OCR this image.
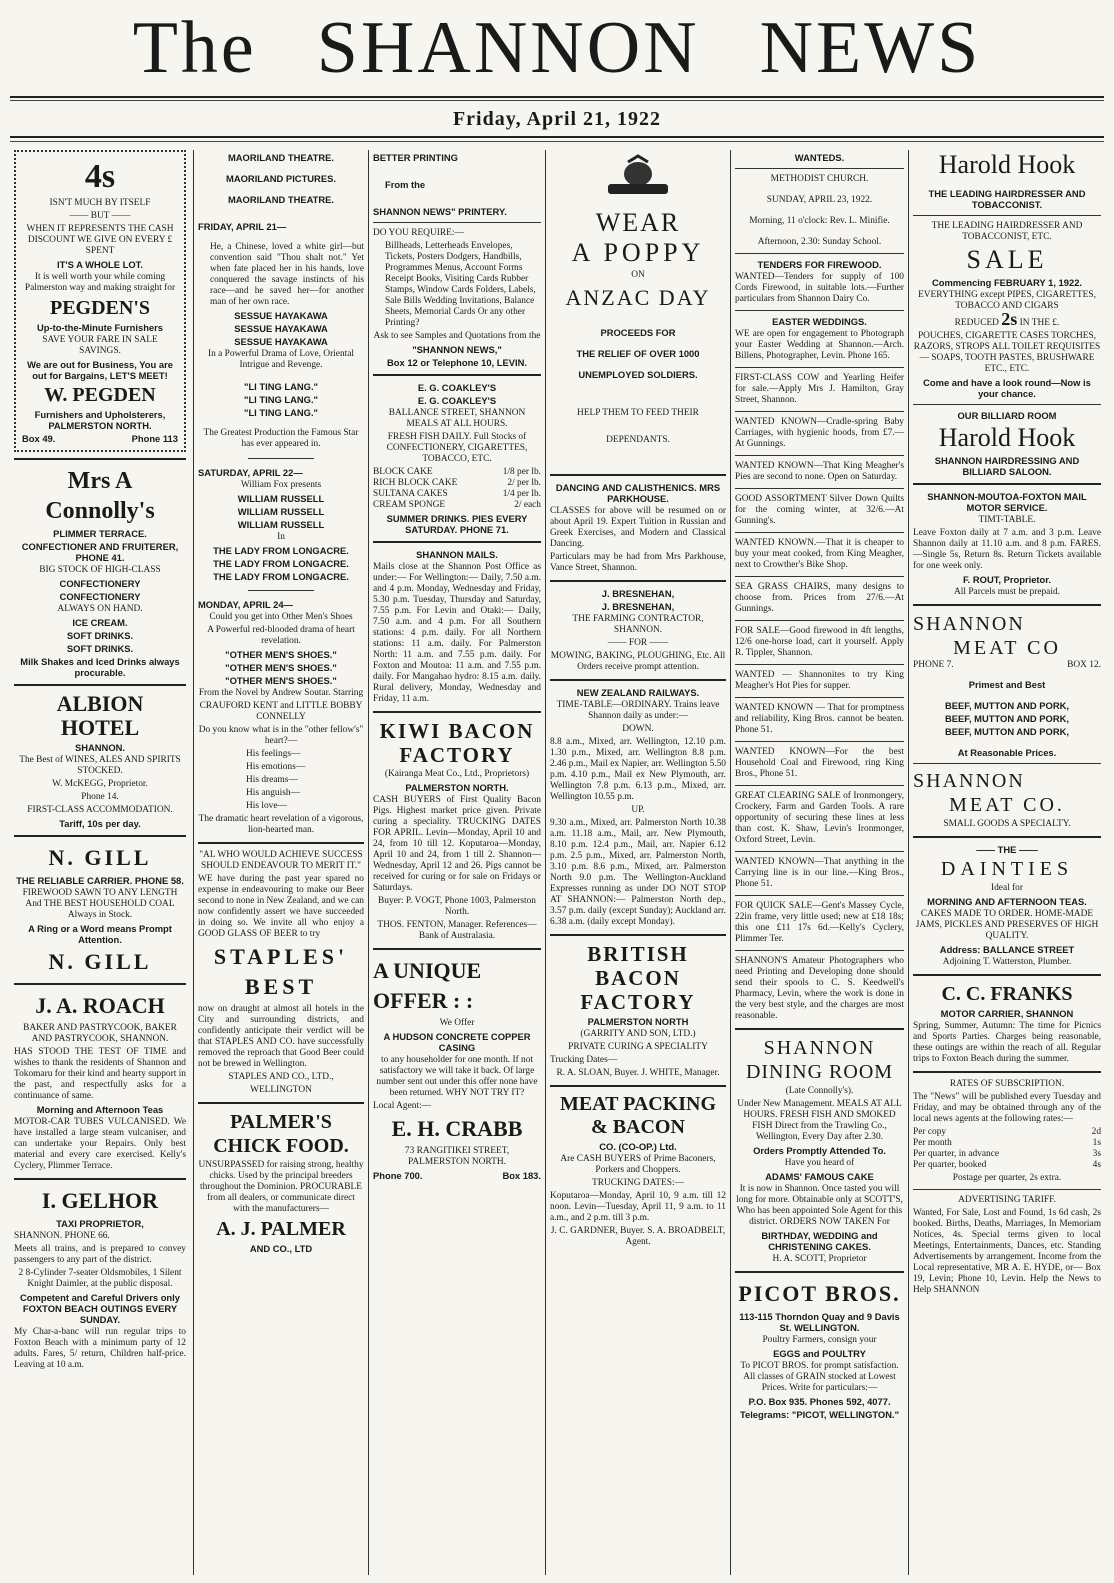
The SHANNON NEWS
Friday, April 21, 1922
4s

ISN'T MUCH BY ITSELF

—— BUT ——

WHEN IT REPRESENTS THE CASH DISCOUNT WE GIVE ON EVERY £ SPENT

IT'S A WHOLE LOT.

It is well worth your while coming Palmerston way and making straight for

PEGDEN'S

Up-to-the-Minute Furnishers

SAVE YOUR FARE IN SALE SAVINGS.

We are out for Business, You are out for Bargains, LET'S MEET!

W. PEGDEN

Furnishers and Upholsterers, PALMERSTON NORTH.

Box 49.	Phone 113
Mrs A Connolly's

PLIMMER TERRACE.

CONFECTIONER AND FRUITERER, PHONE 41.

BIG STOCK OF HIGH-CLASS

CONFECTIONERY

CONFECTIONERY

ALWAYS ON HAND.

ICE CREAM.

SOFT DRINKS.

SOFT DRINKS.

Milk Shakes and Iced Drinks always procurable.

ALBION
HOTEL

SHANNON.

The Best of WINES, ALES AND SPIRITS STOCKED.

W. McKEGG, Proprietor.

Phone 14.

FIRST-CLASS ACCOMMODATION.

Tariff, 10s per day.

N. GILL

THE RELIABLE CARRIER. PHONE 58.

FIREWOOD SAWN TO ANY LENGTH And THE BEST HOUSEHOLD COAL Always in Stock.

A Ring or a Word means Prompt Attention.

N. GILL
J. A. ROACH

BAKER AND PASTRYCOOK, BAKER AND PASTRYCOOK, SHANNON.

HAS STOOD THE TEST OF TIME and wishes to thank the residents of Shannon and Tokomaru for their kind and hearty support in the past, and respectfully asks for a continuance of same.

Morning and Afternoon Teas

MOTOR-CAR TUBES VULCANISED. We have installed a large steam vulcaniser, and can undertake your Repairs. Only best material and every care exercised. Kelly's Cyclery, Plimmer Terrace.

I. GELHOR

TAXI PROPRIETOR,

SHANNON. PHONE 66.

Meets all trains, and is prepared to convey passengers to any part of the district.

2 8-Cylinder 7-seater Oldsmobiles, 1 Silent Knight Daimler, at the public disposal.

Competent and Careful Drivers only FOXTON BEACH OUTINGS EVERY SUNDAY.

My Char-a-banc will run regular trips to Foxton Beach with a minimum party of 12 adults. Fares, 5/ return, Children half-price. Leaving at 10 a.m.

MAORILAND THEATRE.

MAORILAND PICTURES.

MAORILAND THEATRE.

FRIDAY, APRIL 21—

He, a Chinese, loved a white girl—but convention said "Thou shalt not." Yet when fate placed her in his hands, love conquered the savage instincts of his race—and he saved her—for another man of her own race.

SESSUE HAYAKAWA

SESSUE HAYAKAWA

SESSUE HAYAKAWA

In a Powerful Drama of Love, Oriental Intrigue and Revenge.

"LI TING LANG."

"LI TING LANG."

"LI TING LANG."

The Greatest Production the Famous Star has ever appeared in.

SATURDAY, APRIL 22—

William Fox presents

WILLIAM RUSSELL

WILLIAM RUSSELL

WILLIAM RUSSELL

In

THE LADY FROM LONGACRE.

THE LADY FROM LONGACRE.

THE LADY FROM LONGACRE.

MONDAY, APRIL 24—

Could you get into Other Men's Shoes

A Powerful red-blooded drama of heart revelation.

"OTHER MEN'S SHOES."

"OTHER MEN'S SHOES."

"OTHER MEN'S SHOES."

From the Novel by Andrew Soutar. Starring

CRAUFORD KENT and LITTLE BOBBY CONNELLY

Do you know what is in the "other fellow's" heart?—

His feelings—

His emotions—

His dreams—

His anguish—

His love—

The dramatic heart revelation of a vigorous, lion-hearted man.

"AL WHO WOULD ACHIEVE SUCCESS SHOULD ENDEAVOUR TO MERIT IT."

WE have during the past year spared no expense in endeavouring to make our Beer second to none in New Zealand, and we can now confidently assert we have succeeded in doing so. We invite all who enjoy a GOOD GLASS OF BEER to try

STAPLES'
BEST

now on draught at almost all hotels in the City and surrounding districts, and confidently anticipate their verdict will be that STAPLES AND CO. have successfully removed the reproach that Good Beer could not be brewed in Wellington.

STAPLES AND CO., LTD.,

WELLINGTON

PALMER'S
CHICK FOOD.

UNSURPASSED for raising strong, healthy chicks. Used by the principal breeders throughout the Dominion. PROCURABLE from all dealers, or communicate direct with the manufacturers—

A. J. PALMER

AND CO., LTD

BETTER PRINTING

From the

SHANNON NEWS" PRINTERY.

DO YOU REQUIRE:—

Billheads, Letterheads Envelopes, Tickets, Posters Dodgers, Handbills, Programmes Menus, Account Forms Receipt Books, Visiting Cards Rubber Stamps, Window Cards Folders, Labels, Sale Bills Wedding Invitations, Balance Sheets, Memorial Cards Or any other Printing?

Ask to see Samples and Quotations from the

"SHANNON NEWS,"

Box 12 or Telephone 10, LEVIN.

E. G. COAKLEY'S

E. G. COAKLEY'S

BALLANCE STREET, SHANNON MEALS AT ALL HOURS.

FRESH FISH DAILY. Full Stocks of CONFECTIONERY, CIGARETTES, TOBACCO, ETC.

BLOCK CAKE	1/8 per lb.
RICH BLOCK CAKE	2/ per lb.
SULTANA CAKES	1/4 per lb.
CREAM SPONGE	2/ each

SUMMER DRINKS. PIES EVERY SATURDAY. PHONE 71.

SHANNON MAILS.

Mails close at the Shannon Post Office as under:— For Wellington:— Daily, 7.50 a.m. and 4 p.m. Monday, Wednesday and Friday, 5.30 p.m. Tuesday, Thursday and Saturday, 7.55 p.m. For Levin and Otaki:— Daily, 7.50 a.m. and 4 p.m. For all Southern stations: 4 p.m. daily. For all Northern stations: 11 a.m. daily. For Palmerston North: 11 a.m. and 7.55 p.m. daily. For Foxton and Moutoa: 11 a.m. and 7.55 p.m. daily. For Mangahao hydro: 8.15 a.m. daily. Rural delivery, Monday, Wednesday and Friday, 11 a.m.

KIWI BACON
FACTORY

(Kairanga Meat Co., Ltd., Proprietors)

PALMERSTON NORTH.

CASH BUYERS of First Quality Bacon Pigs. Highest market price given. Private curing a speciality. TRUCKING DATES FOR APRIL. Levin—Monday, April 10 and 24, from 10 till 12. Koputaroa—Monday, April 10 and 24, from 1 till 2. Shannon—Wednesday, April 12 and 26. Pigs cannot be received for curing or for sale on Fridays or Saturdays.

Buyer: P. VOGT, Phone 1003, Palmerston North.

THOS. FENTON, Manager. References—Bank of Australasia.

A UNIQUE
OFFER : :

We Offer

A HUDSON CONCRETE COPPER CASING

to any householder for one month. If not satisfactory we will take it back. Of large number sent out under this offer none have been returned. WHY NOT TRY IT?

Local Agent:—

E. H. CRABB

73 RANGITIKEI STREET, PALMERSTON NORTH.

Phone 700.	Box 183.
WEAR
A POPPY

ON

ANZAC DAY

PROCEEDS FOR

THE RELIEF OF OVER 1000

UNEMPLOYED SOLDIERS.

HELP THEM TO FEED THEIR

DEPENDANTS.

DANCING AND CALISTHENICS. MRS PARKHOUSE.

CLASSES for above will be resumed on or about April 19. Expert Tuition in Russian and Greek Exercises, and Modern and Classical Dancing.

Particulars may be had from Mrs Parkhouse, Vance Street, Shannon.

J. BRESNEHAN,

J. BRESNEHAN,

THE FARMING CONTRACTOR, SHANNON.

—— FOR ——

MOWING, BAKING, PLOUGHING, Etc. All Orders receive prompt attention.

NEW ZEALAND RAILWAYS.

TIME-TABLE—ORDINARY. Trains leave Shannon daily as under:—

DOWN.

8.8 a.m., Mixed, arr. Wellington, 12.10 p.m. 1.30 p.m., Mixed, arr. Wellington 8.8 p.m. 2.46 p.m., Mail ex Napier, arr. Wellington 5.50 p.m. 4.10 p.m., Mail ex New Plymouth, arr. Wellington 7.8 p.m. 6.13 p.m., Mixed, arr. Wellington 10.55 p.m.

UP.

9.30 a.m., Mixed, arr. Palmerston North 10.38 a.m. 11.18 a.m., Mail, arr. New Plymouth, 8.10 p.m. 12.4 p.m., Mail, arr. Napier 6.12 p.m. 2.5 p.m., Mixed, arr. Palmerston North, 3.10 p.m. 8.6 p.m., Mixed, arr. Palmerston North 9.0 p.m. The Wellington-Auckland Expresses running as under DO NOT STOP AT SHANNON:— Palmerston North dep., 3.57 p.m. daily (except Sunday); Auckland arr. 6.38 a.m. (daily except Monday).

BRITISH
BACON
FACTORY

PALMERSTON NORTH

(GARRITY AND SON, LTD.)

PRIVATE CURING A SPECIALITY

Trucking Dates—

R. A. SLOAN, Buyer. J. WHITE, Manager.

MEAT PACKING & BACON

CO. (CO-OP.) Ltd.

Are CASH BUYERS of Prime Baconers, Porkers and Choppers.

TRUCKING DATES:—

Koputaroa—Monday, April 10, 9 a.m. till 12 noon. Levin—Tuesday, April 11, 9 a.m. to 11 a.m., and 2 p.m. till 3 p.m.

J. C. GARDNER, Buyer. S. A. BROADBELT, Agent.

WANTEDS.

METHODIST CHURCH.

SUNDAY, APRIL 23, 1922.

Morning, 11 o'clock: Rev. L. Minifie.

Afternoon, 2.30: Sunday School.

TENDERS FOR FIREWOOD.

WANTED—Tenders for supply of 100 Cords Firewood, in suitable lots.—Further particulars from Shannon Dairy Co.

EASTER WEDDINGS.

WE are open for engagement to Photograph your Easter Wedding at Shannon.—Arch. Billens, Photographer, Levin. Phone 165.

FIRST-CLASS COW and Yearling Heifer for sale.—Apply Mrs J. Hamilton, Gray Street, Shannon.

WANTED KNOWN—Cradle-spring Baby Carriages, with hygienic hoods, from £7.—At Gunnings.

WANTED KNOWN—That King Meagher's Pies are second to none. Open on Saturday.

GOOD ASSORTMENT Silver Down Quilts for the coming winter, at 32/6.—At Gunning's.

WANTED KNOWN.—That it is cheaper to buy your meat cooked, from King Meagher, next to Crowther's Bike Shop.

SEA GRASS CHAIRS, many designs to choose from. Prices from 27/6.—At Gunnings.

FOR SALE—Good firewood in 4ft lengths, 12/6 one-horse load, cart it yourself. Apply R. Tippler, Shannon.

WANTED — Shannonites to try King Meagher's Hot Pies for supper.

WANTED KNOWN — That for promptness and reliability, King Bros. cannot be beaten. Phone 51.

WANTED KNOWN—For the best Household Coal and Firewood, ring King Bros., Phone 51.

GREAT CLEARING SALE of Ironmongery, Crockery, Farm and Garden Tools. A rare opportunity of securing these lines at less than cost. K. Shaw, Levin's Ironmonger, Oxford Street, Levin.

WANTED KNOWN—That anything in the Carrying line is in our line.—King Bros., Phone 51.

FOR QUICK SALE—Gent's Massey Cycle, 22in frame, very little used; new at £18 18s; this one £11 17s 6d.—Kelly's Cyclery, Plimmer Ter.

SHANNON'S Amateur Photographers who need Printing and Developing done should send their spools to C. S. Keedwell's Pharmacy, Levin, where the work is done in the very best style, and the charges are most reasonable.

SHANNON
DINING ROOM

(Late Connolly's).

Under New Management. MEALS AT ALL HOURS. FRESH FISH AND SMOKED FISH Direct from the Trawling Co., Wellington, Every Day after 2.30.

Orders Promptly Attended To.

Have you heard of

ADAMS' FAMOUS CAKE

It is now in Shannon. Once tasted you will long for more. Obtainable only at SCOTT'S, Who has been appointed Sole Agent for this district. ORDERS NOW TAKEN For

BIRTHDAY, WEDDING and CHRISTENING CAKES.

H. A. SCOTT, Proprietor

PICOT BROS.

113-115 Thorndon Quay and 9 Davis St. WELLINGTON.

Poultry Farmers, consign your

EGGS and POULTRY

To PICOT BROS. for prompt satisfaction. All classes of GRAIN stocked at Lowest Prices. Write for particulars:—

P.O. Box 935. Phones 592, 4077.

Telegrams: "PICOT, WELLINGTON."

Harold Hook

THE LEADING HAIRDRESSER AND TOBACCONIST.

THE LEADING HAIRDRESSER AND TOBACCONIST, ETC.

SALE

Commencing FEBRUARY 1, 1922.

EVERYTHING except PIPES, CIGARETTES, TOBACCO AND CIGARS

REDUCED 2s IN THE £.

POUCHES, CIGARETTE CASES TORCHES, RAZORS, STROPS ALL TOILET REQUISITES— SOAPS, TOOTH PASTES, BRUSHWARE ETC., ETC.

Come and have a look round—Now is your chance.

OUR BILLIARD ROOM

Harold Hook

SHANNON HAIRDRESSING AND BILLIARD SALOON.

SHANNON-MOUTOA-FOXTON MAIL MOTOR SERVICE.

TIMT-TABLE.

Leave Foxton daily at 7 a.m. and 3 p.m. Leave Shannon daily at 11.10 a.m. and 8 p.m. FARES.—Single 5s, Return 8s. Return Tickets available for one week only.

F. ROUT, Proprietor.

All Parcels must be prepaid.

SHANNON
MEAT CO
PHONE 7.	BOX 12.

Primest and Best

BEEF, MUTTON AND PORK,

BEEF, MUTTON AND PORK,

BEEF, MUTTON AND PORK,

At Reasonable Prices.

SHANNON
MEAT CO.

SMALL GOODS A SPECIALTY.

—— THE ——

DAINTIES

Ideal for

MORNING AND AFTERNOON TEAS.

CAKES MADE TO ORDER. HOME-MADE JAMS, PICKLES AND PRESERVES OF HIGH QUALITY.

Address: BALLANCE STREET

Adjoining T. Watterston, Plumber.

C. C. FRANKS

MOTOR CARRIER, SHANNON

Spring, Summer, Autumn: The time for Picnics and Sports Parties. Charges being reasonable, these outings are within the reach of all. Regular trips to Foxton Beach during the summer.

RATES OF SUBSCRIPTION.

The "News" will be published every Tuesday and Friday, and may be obtained through any of the local news agents at the following rates:—

Per copy	2d
Per month	1s
Per quarter, in advance	3s
Per quarter, booked	4s

Postage per quarter, 2s extra.

ADVERTISING TARIFF.

Wanted, For Sale, Lost and Found, 1s 6d cash, 2s booked. Births, Deaths, Marriages, In Memoriam Notices, 4s. Special terms given to local Meetings, Entertainments, Dances, etc. Standing Advertisements by arrangement. Income from the Local representative, MR A. E. HYDE, or— Box 19, Levin; Phone 10, Levin. Help the News to Help SHANNON
